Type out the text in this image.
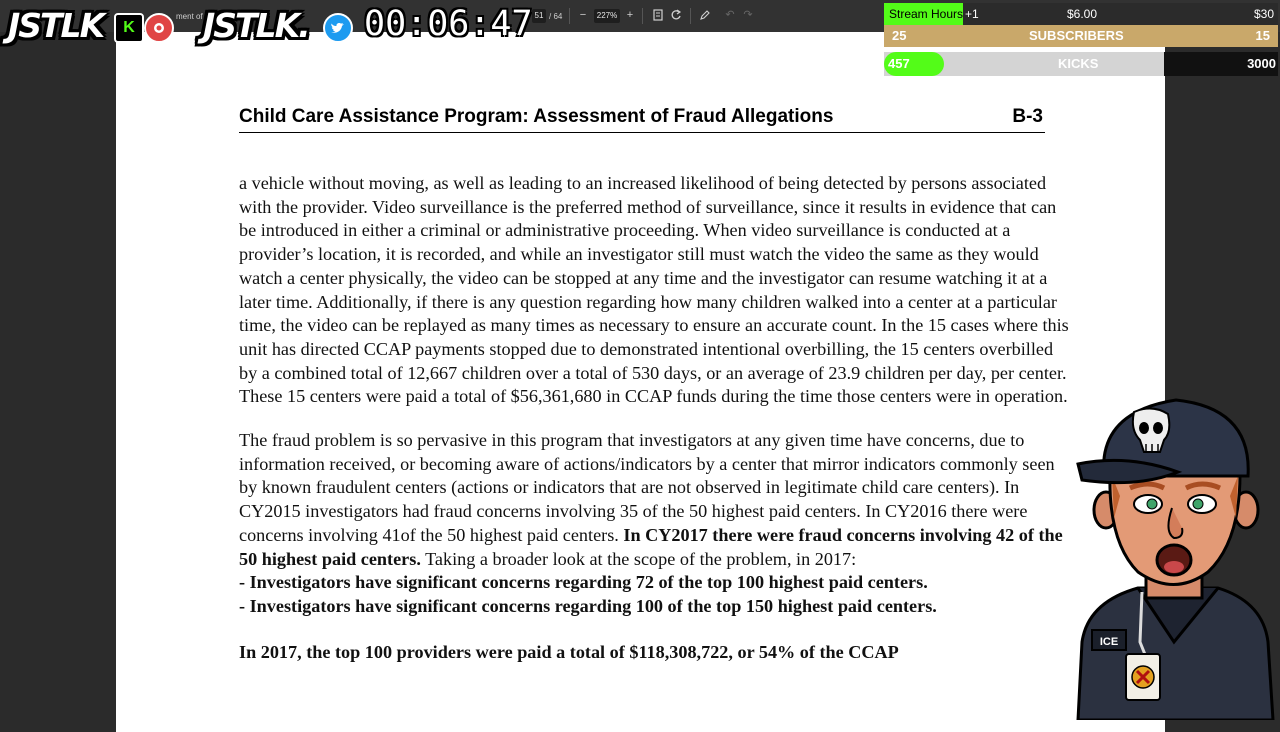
ment of Fr	51 / 64 −	227% +	↶ ↷
Child Care Assistance Program: Assessment of Fraud Allegations	B-3

a vehicle without moving, as well as leading to an increased likelihood of being detected by persons associated with the provider. Video surveillance is the preferred method of surveillance, since it results in evidence that can be introduced in either a criminal or administrative proceeding. When video surveillance is conducted at a provider’s location, it is recorded, and while an investigator still must watch the video the same as they would watch a center physically, the video can be stopped at any time and the investigator can resume watching it at a later time. Additionally, if there is any question regarding how many children walked into a center at a particular time, the video can be replayed as many times as necessary to ensure an accurate count. In the 15 cases where this unit has directed CCAP payments stopped due to demonstrated intentional overbilling, the 15 centers overbilled by a combined total of 12,667 children over a total of 530 days, or an average of 23.9 children per day, per center. These 15 centers were paid a total of $56,361,680 in CCAP funds during the time those centers were in operation.

The fraud problem is so pervasive in this program that investigators at any given time have concerns, due to information received, or becoming aware of actions/indicators by a center that mirror indicators commonly seen by known fraudulent centers (actions or indicators that are not observed in legitimate child care centers). In CY2015 investigators had fraud concerns involving 35 of the 50 highest paid centers. In CY2016 there were concerns involving 41of the 50 highest paid centers. In CY2017 there were fraud concerns involving 42 of the 50 highest paid centers. Taking a broader look at the scope of the problem, in 2017:
- Investigators have significant concerns regarding 72 of the top 100 highest paid centers.
- Investigators have significant concerns regarding 100 of the top 150 highest paid centers.

In 2017, the top 100 providers were paid a total of $118,308,722, or 54% of the CCAP
JSTLK	K JSTLK. 00:06:47	Stream Hours +1	$6.00	$30
25	SUBSCRIBERS	15
457	KICKS	3000
ICE
